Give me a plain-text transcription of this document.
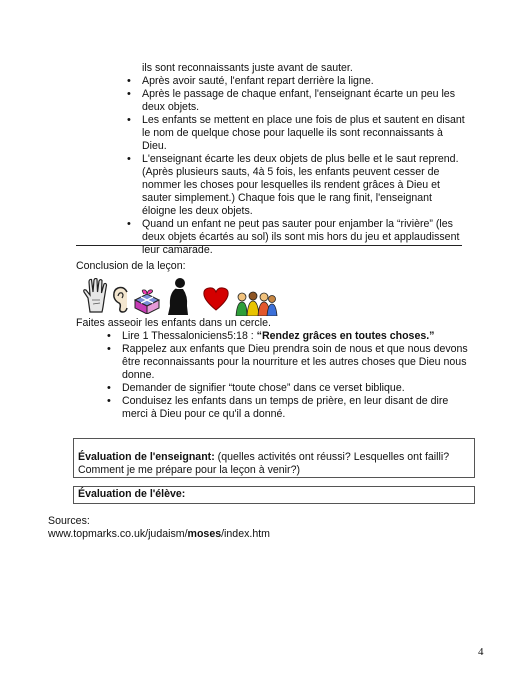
ils sont reconnaissants juste avant de sauter.
• Après avoir sauté, l'enfant repart derrière la ligne.
• Après le passage de chaque enfant, l'enseignant écarte un peu les deux objets.
• Les enfants se mettent en place une fois de plus et sautent en disant le nom de quelque chose pour laquelle ils sont reconnaissants à Dieu.
• L'enseignant écarte les deux objets de plus belle et le saut reprend. (Après plusieurs sauts, 4à 5 fois, les enfants peuvent cesser de nommer les choses pour lesquelles ils rendent grâces à Dieu et sauter simplement.) Chaque fois que le rang finit, l'enseignant éloigne les deux objets.
• Quand un enfant ne peut pas sauter pour enjamber la “rivière” (les deux objets écartés au sol) ils sont mis hors du jeu et applaudissent leur camarade.
Conclusion de la leçon:
Faites asseoir les enfants dans un cercle.
• Lire 1 Thessaloniciens5:18 : “Rendez grâces en toutes choses.”
• Rappelez aux enfants que Dieu prendra soin de nous et que nous devons être reconnaissants pour la nourriture et les autres choses que Dieu nous donne.
• Demander de signifier “toute chose” dans ce verset biblique.
• Conduisez les enfants dans un temps de prière, en leur disant de dire merci à Dieu pour ce qu'il a donné.
Évaluation de l'enseignant: (quelles activités ont réussi? Lesquelles ont failli? Comment je me prépare pour la leçon à venir?)
Évaluation de l'élève:
Sources:
www.topmarks.co.uk/judaism/moses/index.htm
4
